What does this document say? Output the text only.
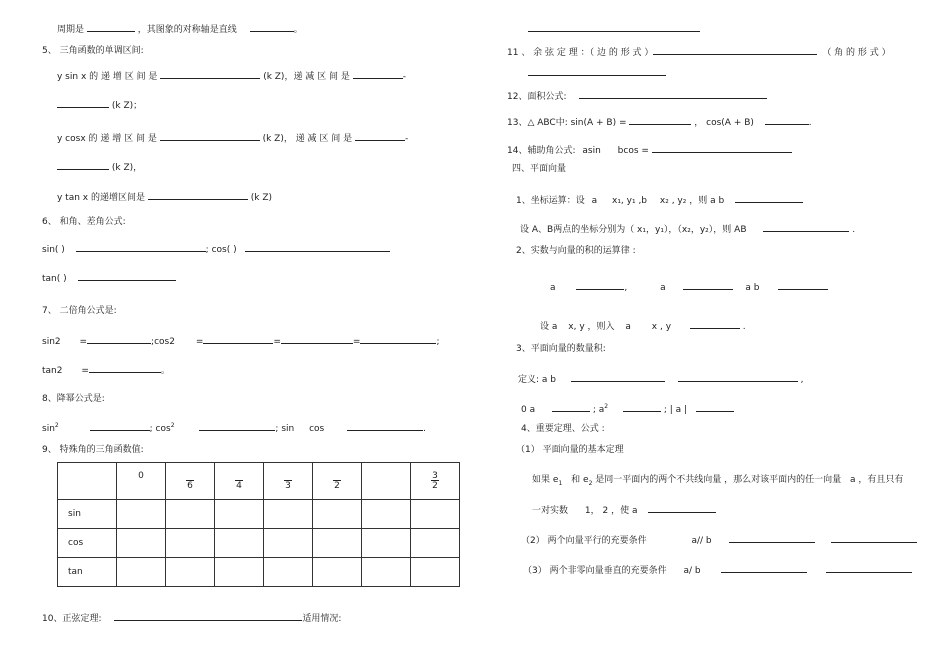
周期是	，其图象的对称轴是直线	。
5、 三角函数的单调区间:
y sin x 的 递 增 区 间 是	(k Z)，递 减 区 间 是	-
(k Z)；
y cosx 的 递 增 区 间 是	(k Z)， 递 减 区 间 是	-
(k Z)，
y tan x 的递增区间是	(k Z)
6、 和角、差角公式:
sin( )	; cos( )
tan( )
7、 二倍角公式是:
sin2 =	;cos2 =	=	=	;
tan2 =	。
8、降幂公式是:
$\sin^2$	; $\cos^2$	; sin cos	.
9、 特殊角的三角函数值:
	0	6	4	3	2		$\frac{3}{2}$

sin							
cos							
tan							
10、正弦定理:	适用情况:
11 、 余 弦 定 理 ：（ 边 的 形 式 ）	（ 角 的 形 式 ）
12、面积公式:
13、△ ABC中: sin(A + B) =	， cos(A + B)	.
14、辅助角公式: asin bcos =
四、平面向量
1、坐标运算：设 a x₁, y₁ ,b x₂ , y₂ ，则 a b
设 A、B两点的坐标分别为（ x₁，y₁），（x₂，y₂），则 AB	.
2、实数与向量的积的运算律 :
a	,	a	a b
设 a x, y ，则入 a x , y	.
3、平面向量的数量积:
定义: a b	,
0 a	; $a^2$	; | a |
4、重要定理、公式 :
（1） 平面向量的基本定理
如果 $e_1$ 和 $e_2$ 是同一平面内的两个不共线向量 ，那么对该平面内的任一向量 a ，有且只有
一对实数 1， 2 ，使 a
（2） 两个向量平行的充要条件	a// b
（3） 两个非零向量垂直的充要条件 a/ b
